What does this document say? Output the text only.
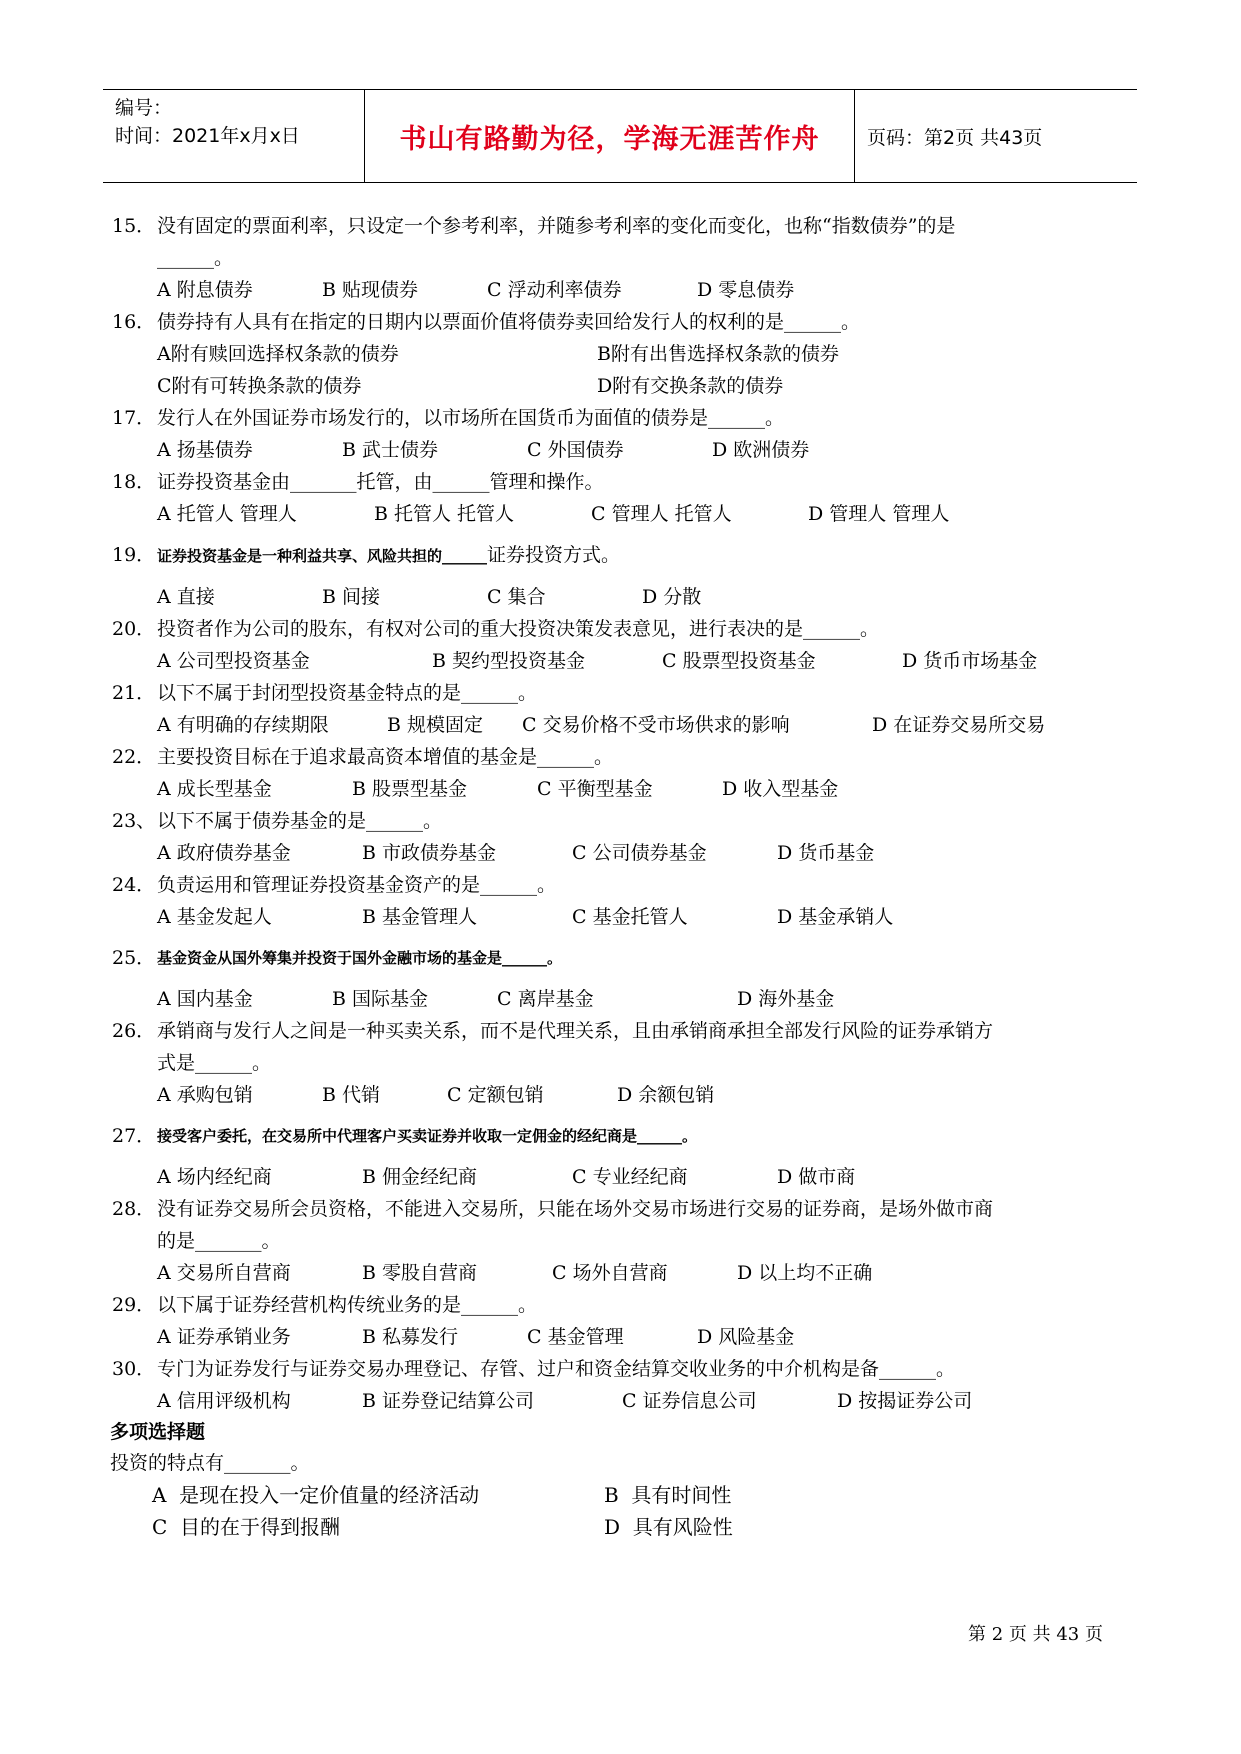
编号：
时间：2021年x月x日	书山有路勤为径，学海无涯苦作舟	页码：第2页 共43页
15． 没有固定的票面利率，只设定一个参考利率，并随参考利率的变化而变化，也称“指数债券”的是
______。
A 附息债券	B 贴现债券	C 浮动利率债券	D 零息债券
16． 债券持有人具有在指定的日期内以票面价值将债券卖回给发行人的权利的是______。
A附有赎回选择权条款的债券	B附有出售选择权条款的债券
C附有可转换条款的债券	D附有交换条款的债券
17． 发行人在外国证券市场发行的，以市场所在国货币为面值的债券是______。
A 扬基债券	B 武士债券	C 外国债券	D 欧洲债券
18． 证券投资基金由_______托管，由______管理和操作。
A 托管人 管理人	B 托管人 托管人	C 管理人 托管人	D 管理人 管理人
19． 证券投资基金是一种利益共享、风险共担的______证券投资方式。
A 直接	B 间接	C 集合	D 分散
20． 投资者作为公司的股东，有权对公司的重大投资决策发表意见，进行表决的是______。
A 公司型投资基金	B 契约型投资基金	C 股票型投资基金	D 货币市场基金
21． 以下不属于封闭型投资基金特点的是______。
A 有明确的存续期限	B 规模固定	C 交易价格不受市场供求的影响	D 在证券交易所交易
22． 主要投资目标在于追求最高资本增值的基金是______。
A 成长型基金	B 股票型基金	C 平衡型基金	D 收入型基金
23、 以下不属于债券基金的是______。
A 政府债券基金	B 市政债券基金	C 公司债券基金	D 货币基金
24． 负责运用和管理证券投资基金资产的是______。
A 基金发起人	B 基金管理人	C 基金托管人	D 基金承销人
25． 基金资金从国外筹集并投资于国外金融市场的基金是______。
A 国内基金	B 国际基金	C 离岸基金	D 海外基金
26． 承销商与发行人之间是一种买卖关系，而不是代理关系，且由承销商承担全部发行风险的证券承销方
式是______。
A 承购包销	B 代销	C 定额包销	D 余额包销
27． 接受客户委托，在交易所中代理客户买卖证券并收取一定佣金的经纪商是______。
A 场内经纪商	B 佣金经纪商	C 专业经纪商	D 做市商
28． 没有证券交易所会员资格，不能进入交易所，只能在场外交易市场进行交易的证券商，是场外做市商
的是_______。
A 交易所自营商	B 零股自营商	C 场外自营商	D 以上均不正确
29． 以下属于证券经营机构传统业务的是______。
A 证券承销业务	B 私募发行	C 基金管理	D 风险基金
30． 专门为证券发行与证券交易办理登记、存管、过户和资金结算交收业务的中介机构是备______。
A 信用评级机构	B 证券登记结算公司	C 证券信息公司	D 按揭证券公司
多项选择题
投资的特点有_______。
A  是现在投入一定价值量的经济活动	B  具有时间性
C  目的在于得到报酬	D  具有风险性
第 2 页 共 43 页
